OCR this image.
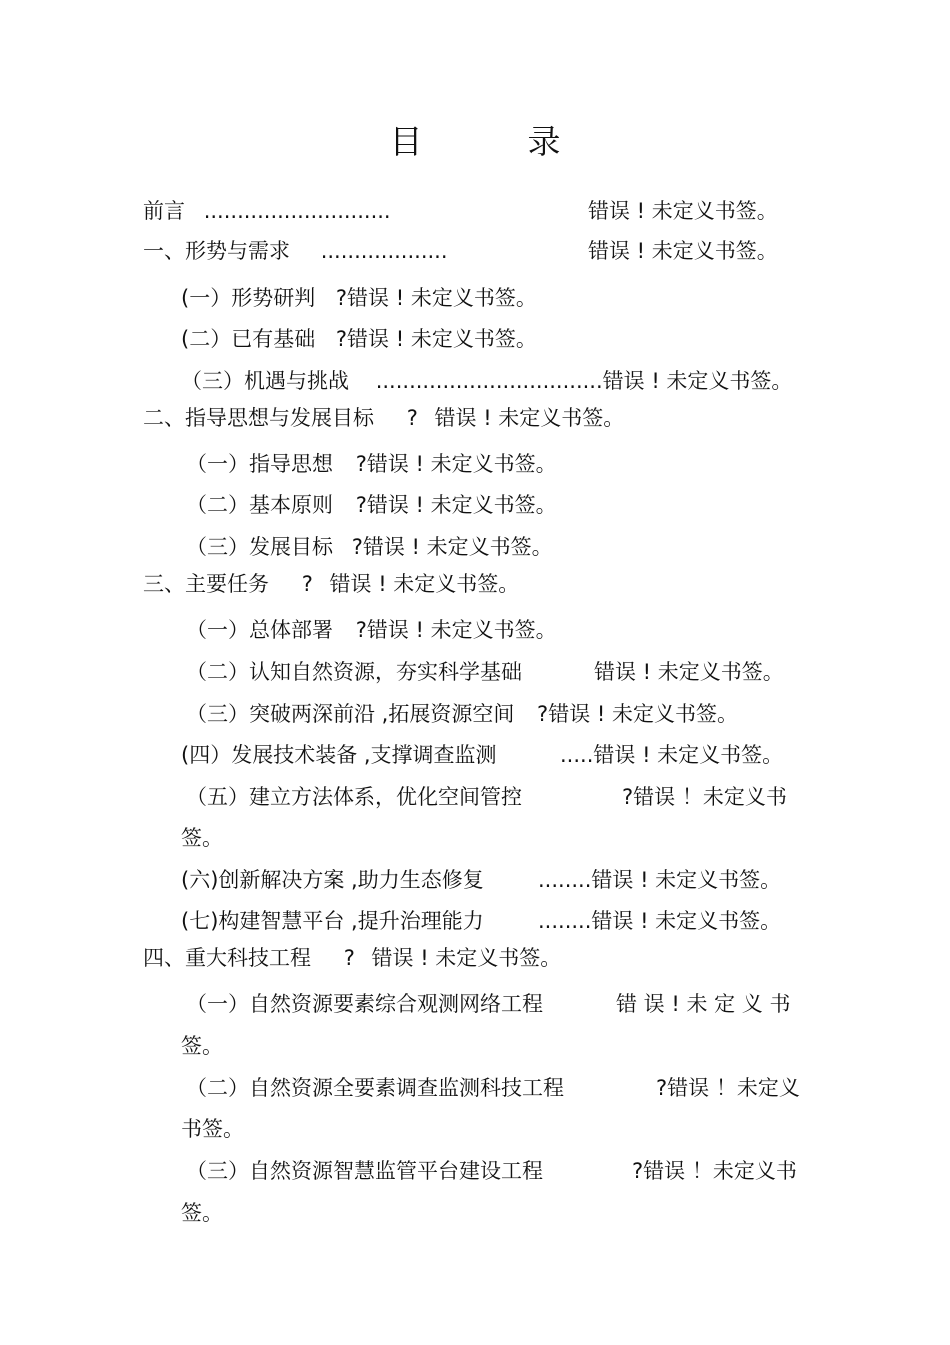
目　录
前言 ............................	错误 ! 未定义书签。
一、形势与需求 ...................	错误 ! 未定义书签。
(一）形势研判 ?错误 ! 未定义书签。
(二）已有基础 ?错误 ! 未定义书签。
（三）机遇与挑战 ..................................错误 ! 未定义书签。
二、指导思想与发展目标 ? 错误 ! 未定义书签。
（一）指导思想 ?错误 ! 未定义书签。
（二）基本原则 ?错误 ! 未定义书签。
（三）发展目标 ?错误 ! 未定义书签。
三、主要任务 ? 错误 ! 未定义书签。
（一）总体部署 ?错误 ! 未定义书签。
（二）认知自然资源，夯实科学基础	错误 ! 未定义书签。
（三）突破两深前沿 ,拓展资源空间 ?错误 ! 未定义书签。
(四）发展技术装备 ,支撑调查监测	.....错误 ! 未定义书签。
（五）建立方法体系，优化空间管控	?错误 ！未定义书
签。
(六)创新解决方案 ,助力生态修复	........错误 ! 未定义书签。
(七)构建智慧平台 ,提升治理能力	........错误 ! 未定义书签。
四、重大科技工程 ? 错误 ! 未定义书签。
（一）自然资源要素综合观测网络工程	错 误 ! 未 定 义 书
签。
（二）自然资源全要素调查监测科技工程	?错误 ！未定义
书签。
（三）自然资源智慧监管平台建设工程	?错误 ！未定义书
签。
